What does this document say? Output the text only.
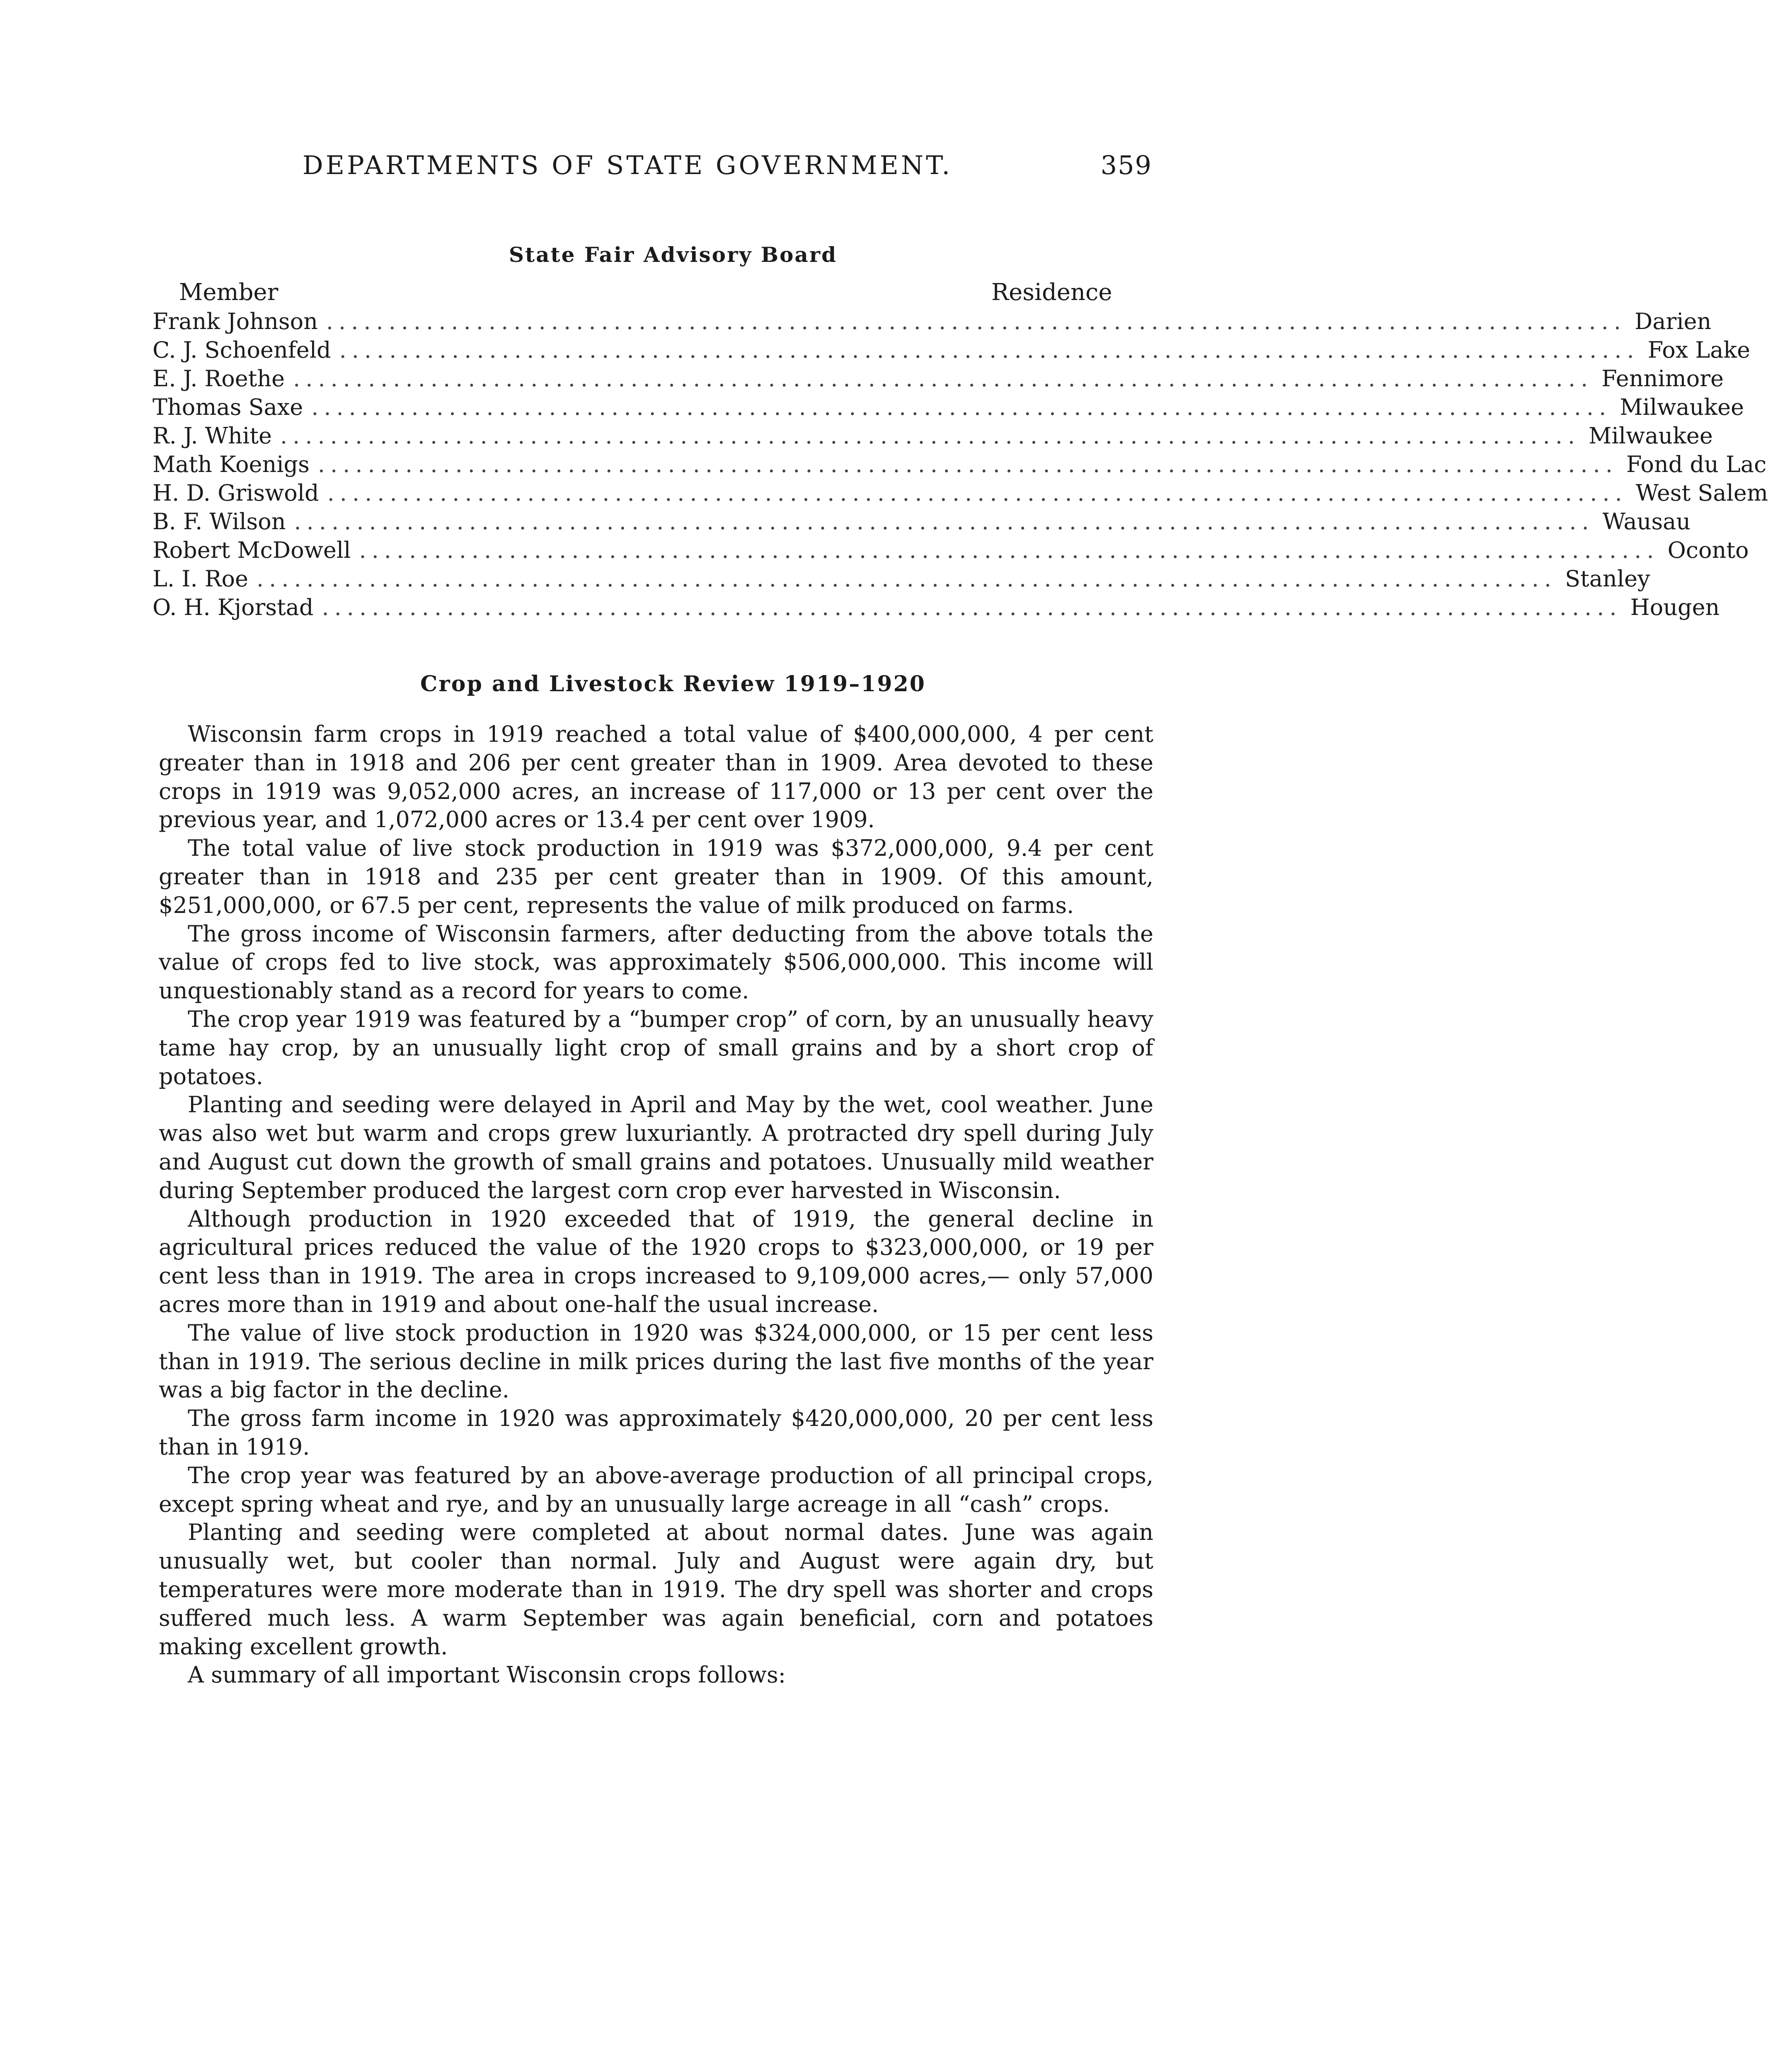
DEPARTMENTS OF STATE GOVERNMENT.	359
State Fair Advisory Board
Member	Residence
Frank Johnson ........................................................................................................ Darien
C. J. Schoenfeld ........................................................................................................ Fox Lake
E. J. Roethe ........................................................................................................ Fennimore
Thomas Saxe ........................................................................................................ Milwaukee
R. J. White ........................................................................................................ Milwaukee
Math Koenigs ........................................................................................................ Fond du Lac
H. D. Griswold ........................................................................................................ West Salem
B. F. Wilson ........................................................................................................ Wausau
Robert McDowell ........................................................................................................ Oconto
L. I. Roe ........................................................................................................ Stanley
O. H. Kjorstad ........................................................................................................ Hougen
Crop and Livestock Review 1919–1920

Wisconsin farm crops in 1919 reached a total value of $400,000,000, 4 per cent greater than in 1918 and 206 per cent greater than in 1909. Area devoted to these crops in 1919 was 9,052,000 acres, an increase of 117,000 or 13 per cent over the previous year, and 1,072,000 acres or 13.4 per cent over 1909.

The total value of live stock production in 1919 was $372,000,000, 9.4 per cent greater than in 1918 and 235 per cent greater than in 1909. Of this amount, $251,000,000, or 67.5 per cent, represents the value of milk produced on farms.

The gross income of Wisconsin farmers, after deducting from the above totals the value of crops fed to live stock, was approximately $506,000,000. This income will unquestionably stand as a record for years to come.

The crop year 1919 was featured by a “bumper crop” of corn, by an unusually heavy tame hay crop, by an unusually light crop of small grains and by a short crop of potatoes.

Planting and seeding were delayed in April and May by the wet, cool weather. June was also wet but warm and crops grew luxuriantly. A protracted dry spell during July and August cut down the growth of small grains and potatoes. Unusually mild weather during September produced the largest corn crop ever harvested in Wisconsin.

Although production in 1920 exceeded that of 1919, the general decline in agricultural prices reduced the value of the 1920 crops to $323,000,000, or 19 per cent less than in 1919. The area in crops increased to 9,109,000 acres,— only 57,000 acres more than in 1919 and about one-half the usual increase.

The value of live stock production in 1920 was $324,000,000, or 15 per cent less than in 1919. The serious decline in milk prices during the last five months of the year was a big factor in the decline.

The gross farm income in 1920 was approximately $420,000,000, 20 per cent less than in 1919.

The crop year was featured by an above-average production of all principal crops, except spring wheat and rye, and by an unusually large acreage in all “cash” crops.

Planting and seeding were completed at about normal dates. June was again unusually wet, but cooler than normal. July and August were again dry, but temperatures were more moderate than in 1919. The dry spell was shorter and crops suffered much less. A warm September was again beneficial, corn and potatoes making excellent growth.

A summary of all important Wisconsin crops follows:
